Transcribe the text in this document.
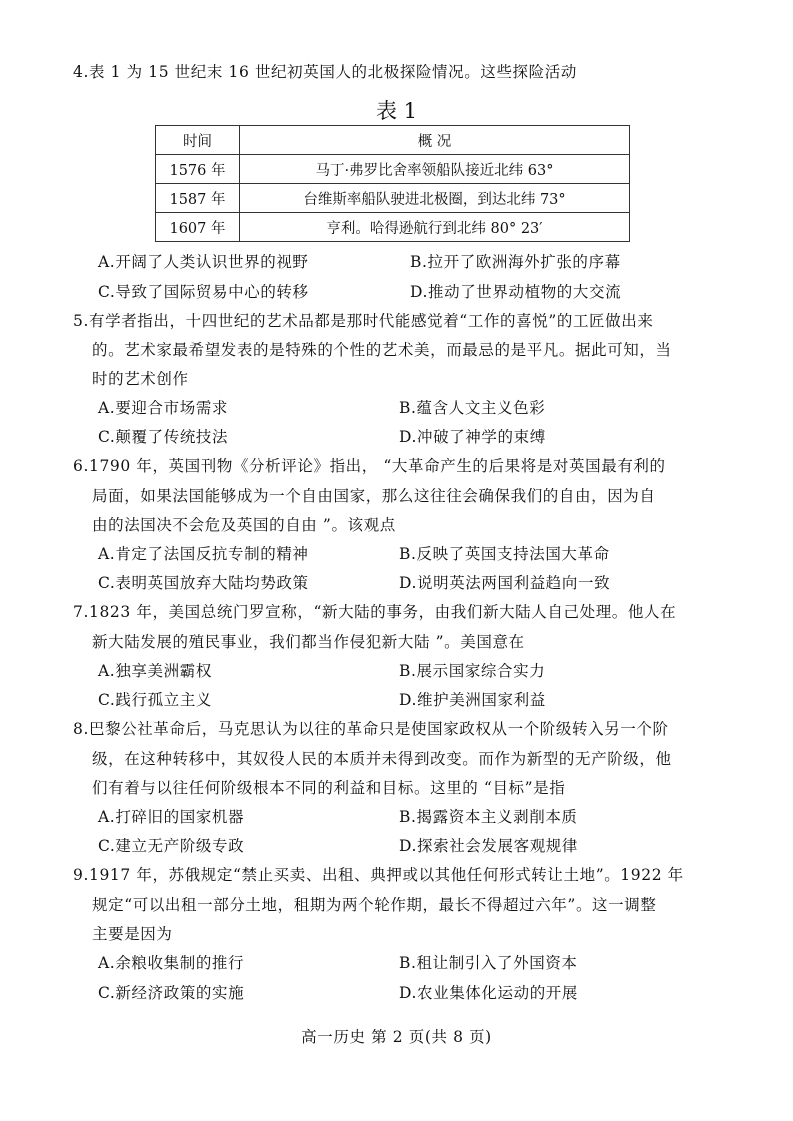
4.表 1 为 15 世纪末 16 世纪初英国人的北极探险情况。这些探险活动
表 1
时间	概 况
1576 年	马丁·弗罗比舍率领船队接近北纬 63°
1587 年	台维斯率船队驶进北极圈，到达北纬 73°
1607 年	亨利。哈得逊航行到北纬 80° 23′
A.开阔了人类认识世界的视野	B.拉开了欧洲海外扩张的序幕
C.导致了国际贸易中心的转移	D.推动了世界动植物的大交流
5.有学者指出，十四世纪的艺术品都是那时代能感觉着“工作的喜悦”的工匠做出来
的。艺术家最希望发表的是特殊的个性的艺术美，而最忌的是平凡。据此可知，当
时的艺术创作
A.要迎合市场需求	B.蕴含人文主义色彩
C.颠覆了传统技法	D.冲破了神学的束缚
6.1790 年，英国刊物《分析评论》指出， “大革命产生的后果将是对英国最有利的
局面，如果法国能够成为一个自由国家，那么这往往会确保我们的自由，因为自
由的法国决不会危及英国的自由 ”。该观点
A.肯定了法国反抗专制的精神	B.反映了英国支持法国大革命
C.表明英国放弃大陆均势政策	D.说明英法两国利益趋向一致
7.1823 年，美国总统门罗宣称，“新大陆的事务，由我们新大陆人自己处理。他人在
新大陆发展的殖民事业，我们都当作侵犯新大陆 ”。美国意在
A.独享美洲霸权	B.展示国家综合实力
C.践行孤立主义	D.维护美洲国家利益
8.巴黎公社革命后，马克思认为以往的革命只是使国家政权从一个阶级转入另一个阶
级，在这种转移中，其奴役人民的本质并未得到改变。而作为新型的无产阶级，他
们有着与以往任何阶级根本不同的利益和目标。这里的 “目标”是指
A.打碎旧的国家机器	B.揭露资本主义剥削本质
C.建立无产阶级专政	D.探索社会发展客观规律
9.1917 年，苏俄规定“禁止买卖、出租、典押或以其他任何形式转让土地”。1922 年
规定“可以出租一部分土地，租期为两个轮作期，最长不得超过六年”。这一调整
主要是因为
A.余粮收集制的推行	B.租让制引入了外国资本
C.新经济政策的实施	D.农业集体化运动的开展
高一历史 第 2 页(共 8 页)
